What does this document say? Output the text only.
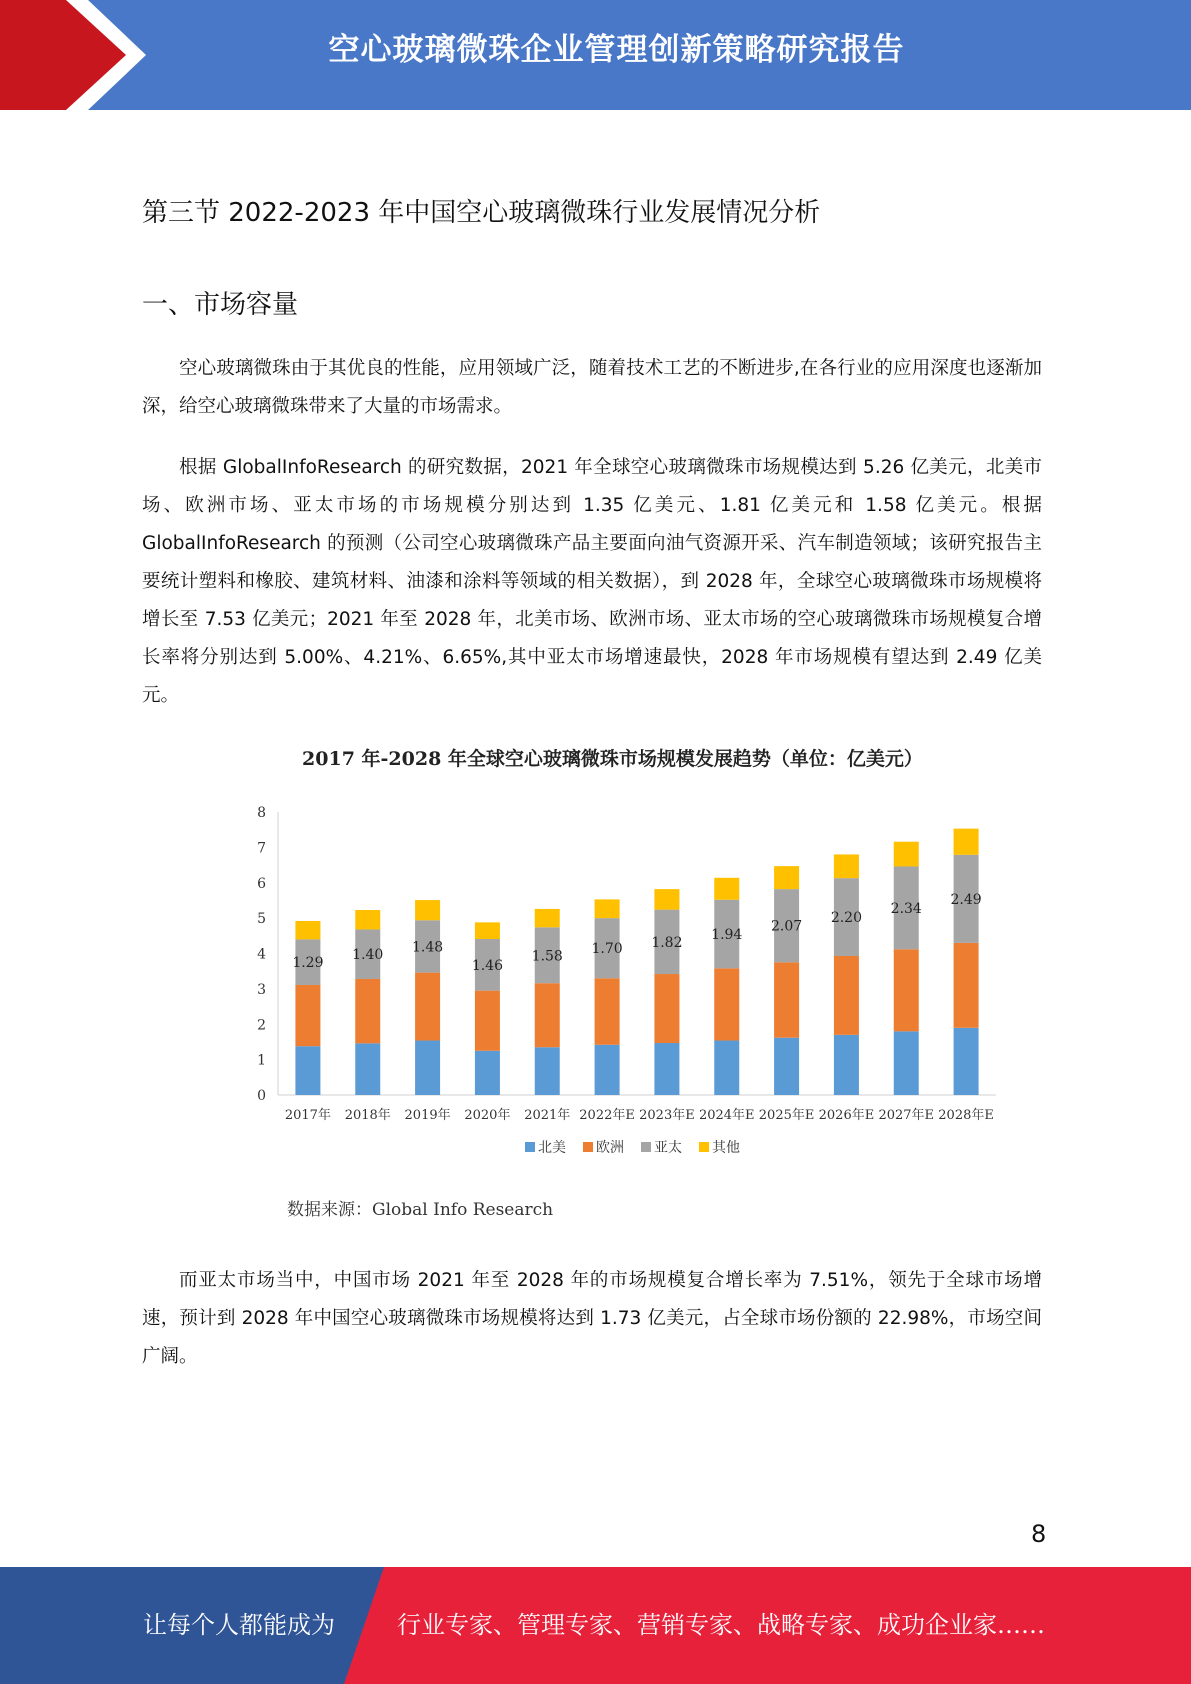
空心玻璃微珠企业管理创新策略研究报告
第三节 2022-2023 年中国空心玻璃微珠行业发展情况分析
一、市场容量

空心玻璃微珠由于其优良的性能，应用领域广泛，随着技术工艺的不断进步,在各行业的应用深度也逐渐加深，给空心玻璃微珠带来了大量的市场需求。

根据 GlobalInfoResearch 的研究数据，2021 年全球空心玻璃微珠市场规模达到 5.26 亿美元，北美市场、欧洲市场、亚太市场的市场规模分别达到 1.35 亿美元、1.81 亿美元和 1.58 亿美元。根据 GlobalInfoResearch 的预测（公司空心玻璃微珠产品主要面向油气资源开采、汽车制造领域；该研究报告主要统计塑料和橡胶、建筑材料、油漆和涂料等领域的相关数据），到 2028 年，全球空心玻璃微珠市场规模将增长至 7.53 亿美元；2021 年至 2028 年，北美市场、欧洲市场、亚太市场的空心玻璃微珠市场规模复合增长率将分别达到 5.00%、4.21%、6.65%,其中亚太市场增速最快，2028 年市场规模有望达到 2.49 亿美元。

2017 年-2028 年全球空心玻璃微珠市场规模发展趋势（单位：亿美元）
0
1
2
3
4
5
6
7
8
1.29
2017年
1.40
2018年
1.48
2019年
1.46
2020年
1.58
2021年
1.70
2022年E
1.82
2023年E
1.94
2024年E
2.07
2025年E
2.20
2026年E
2.34
2027年E
2.49
2028年E
北美 欧洲 亚太 其他
数据来源：Global Info Research

而亚太市场当中，中国市场 2021 年至 2028 年的市场规模复合增长率为 7.51%，领先于全球市场增速，预计到 2028 年中国空心玻璃微珠市场规模将达到 1.73 亿美元，占全球市场份额的 22.98%，市场空间广阔。

8
让每个人都能成为	行业专家、管理专家、营销专家、战略专家、成功企业家……
